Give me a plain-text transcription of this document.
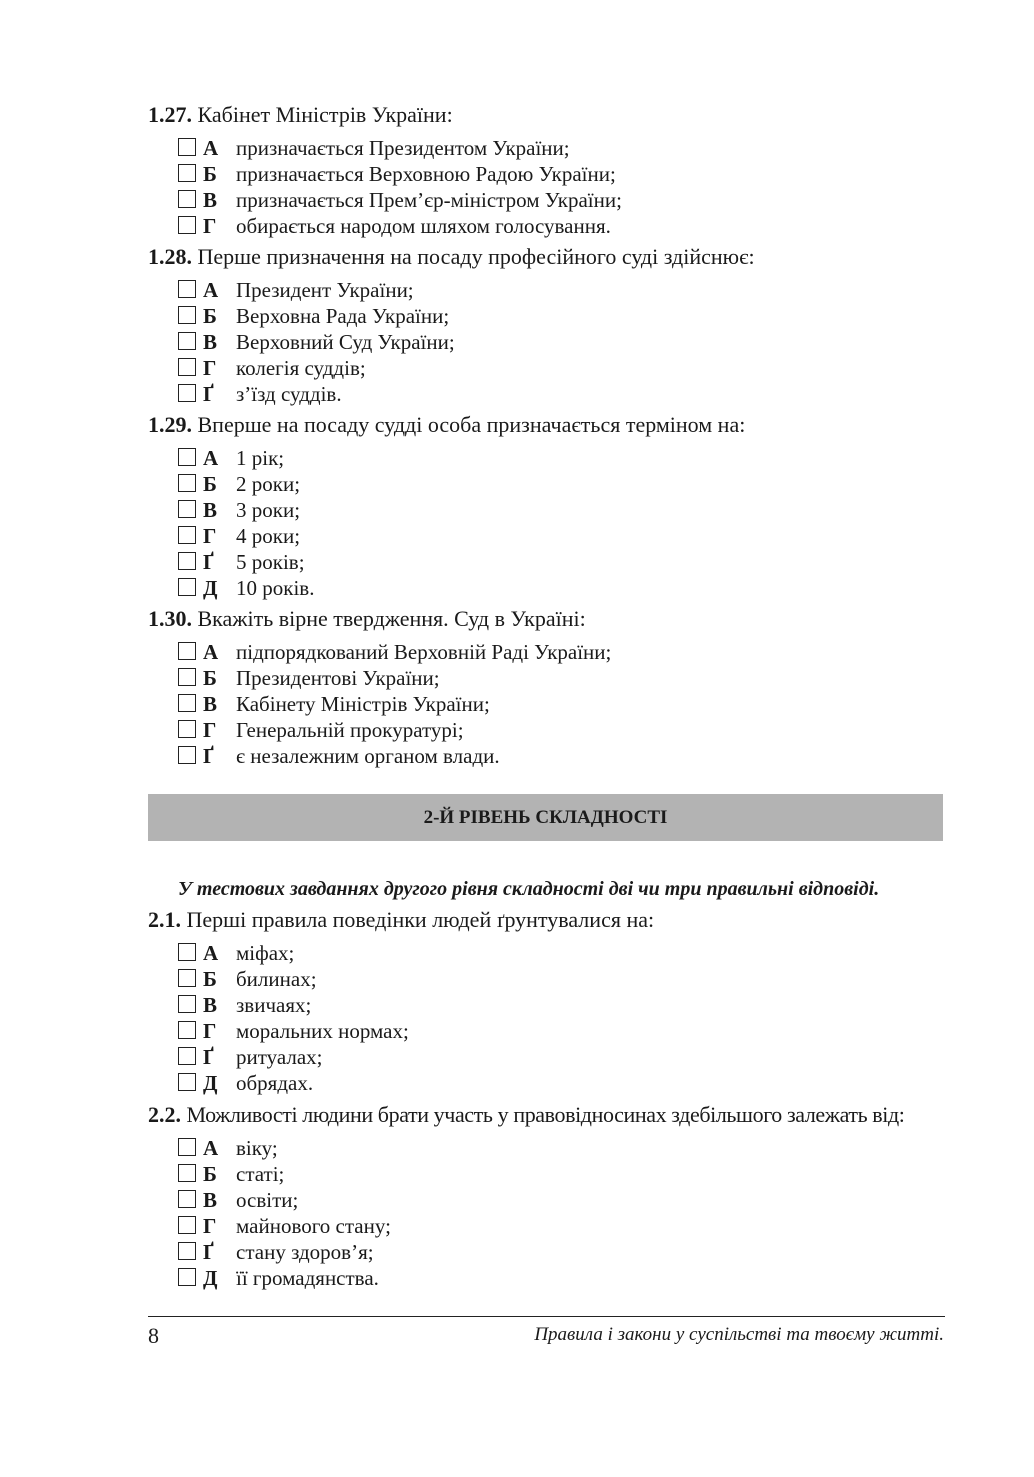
1.27. Кабінет Міністрів України:
А призначається Президентом України;
Б призначається Верховною Радою України;
В призначається Прем’єр-міністром України;
Г обирається народом шляхом голосування.
1.28. Перше призначення на посаду професійного суді здійснює:
А Президент України;
Б Верховна Рада України;
В Верховний Суд України;
Г колегія суддів;
Ґ з’їзд суддів.
1.29. Вперше на посаду судді особа призначається терміном на:
А 1 рік;
Б 2 роки;
В 3 роки;
Г 4 роки;
Ґ 5 років;
Д 10 років.
1.30. Вкажіть вірне твердження. Суд в Україні:
А підпорядкований Верховній Раді України;
Б Президентові України;
В Кабінету Міністрів України;
Г Генеральній прокуратурі;
Ґ є незалежним органом влади.
2-Й РІВЕНЬ СКЛАДНОСТІ
У тестових завданнях другого рівня складності дві чи три правильні відповіді.
2.1. Перші правила поведінки людей ґрунтувалися на:
А міфах;
Б билинах;
В звичаях;
Г моральних нормах;
Ґ ритуалах;
Д обрядах.
2.2. Можливості людини брати участь у правовідносинах здебільшого залежать від:
А віку;
Б статі;
В освіти;
Г майнового стану;
Ґ стану здоров’я;
Д її громадянства.
8	Правила і закони у суспільстві та твоєму житті.
